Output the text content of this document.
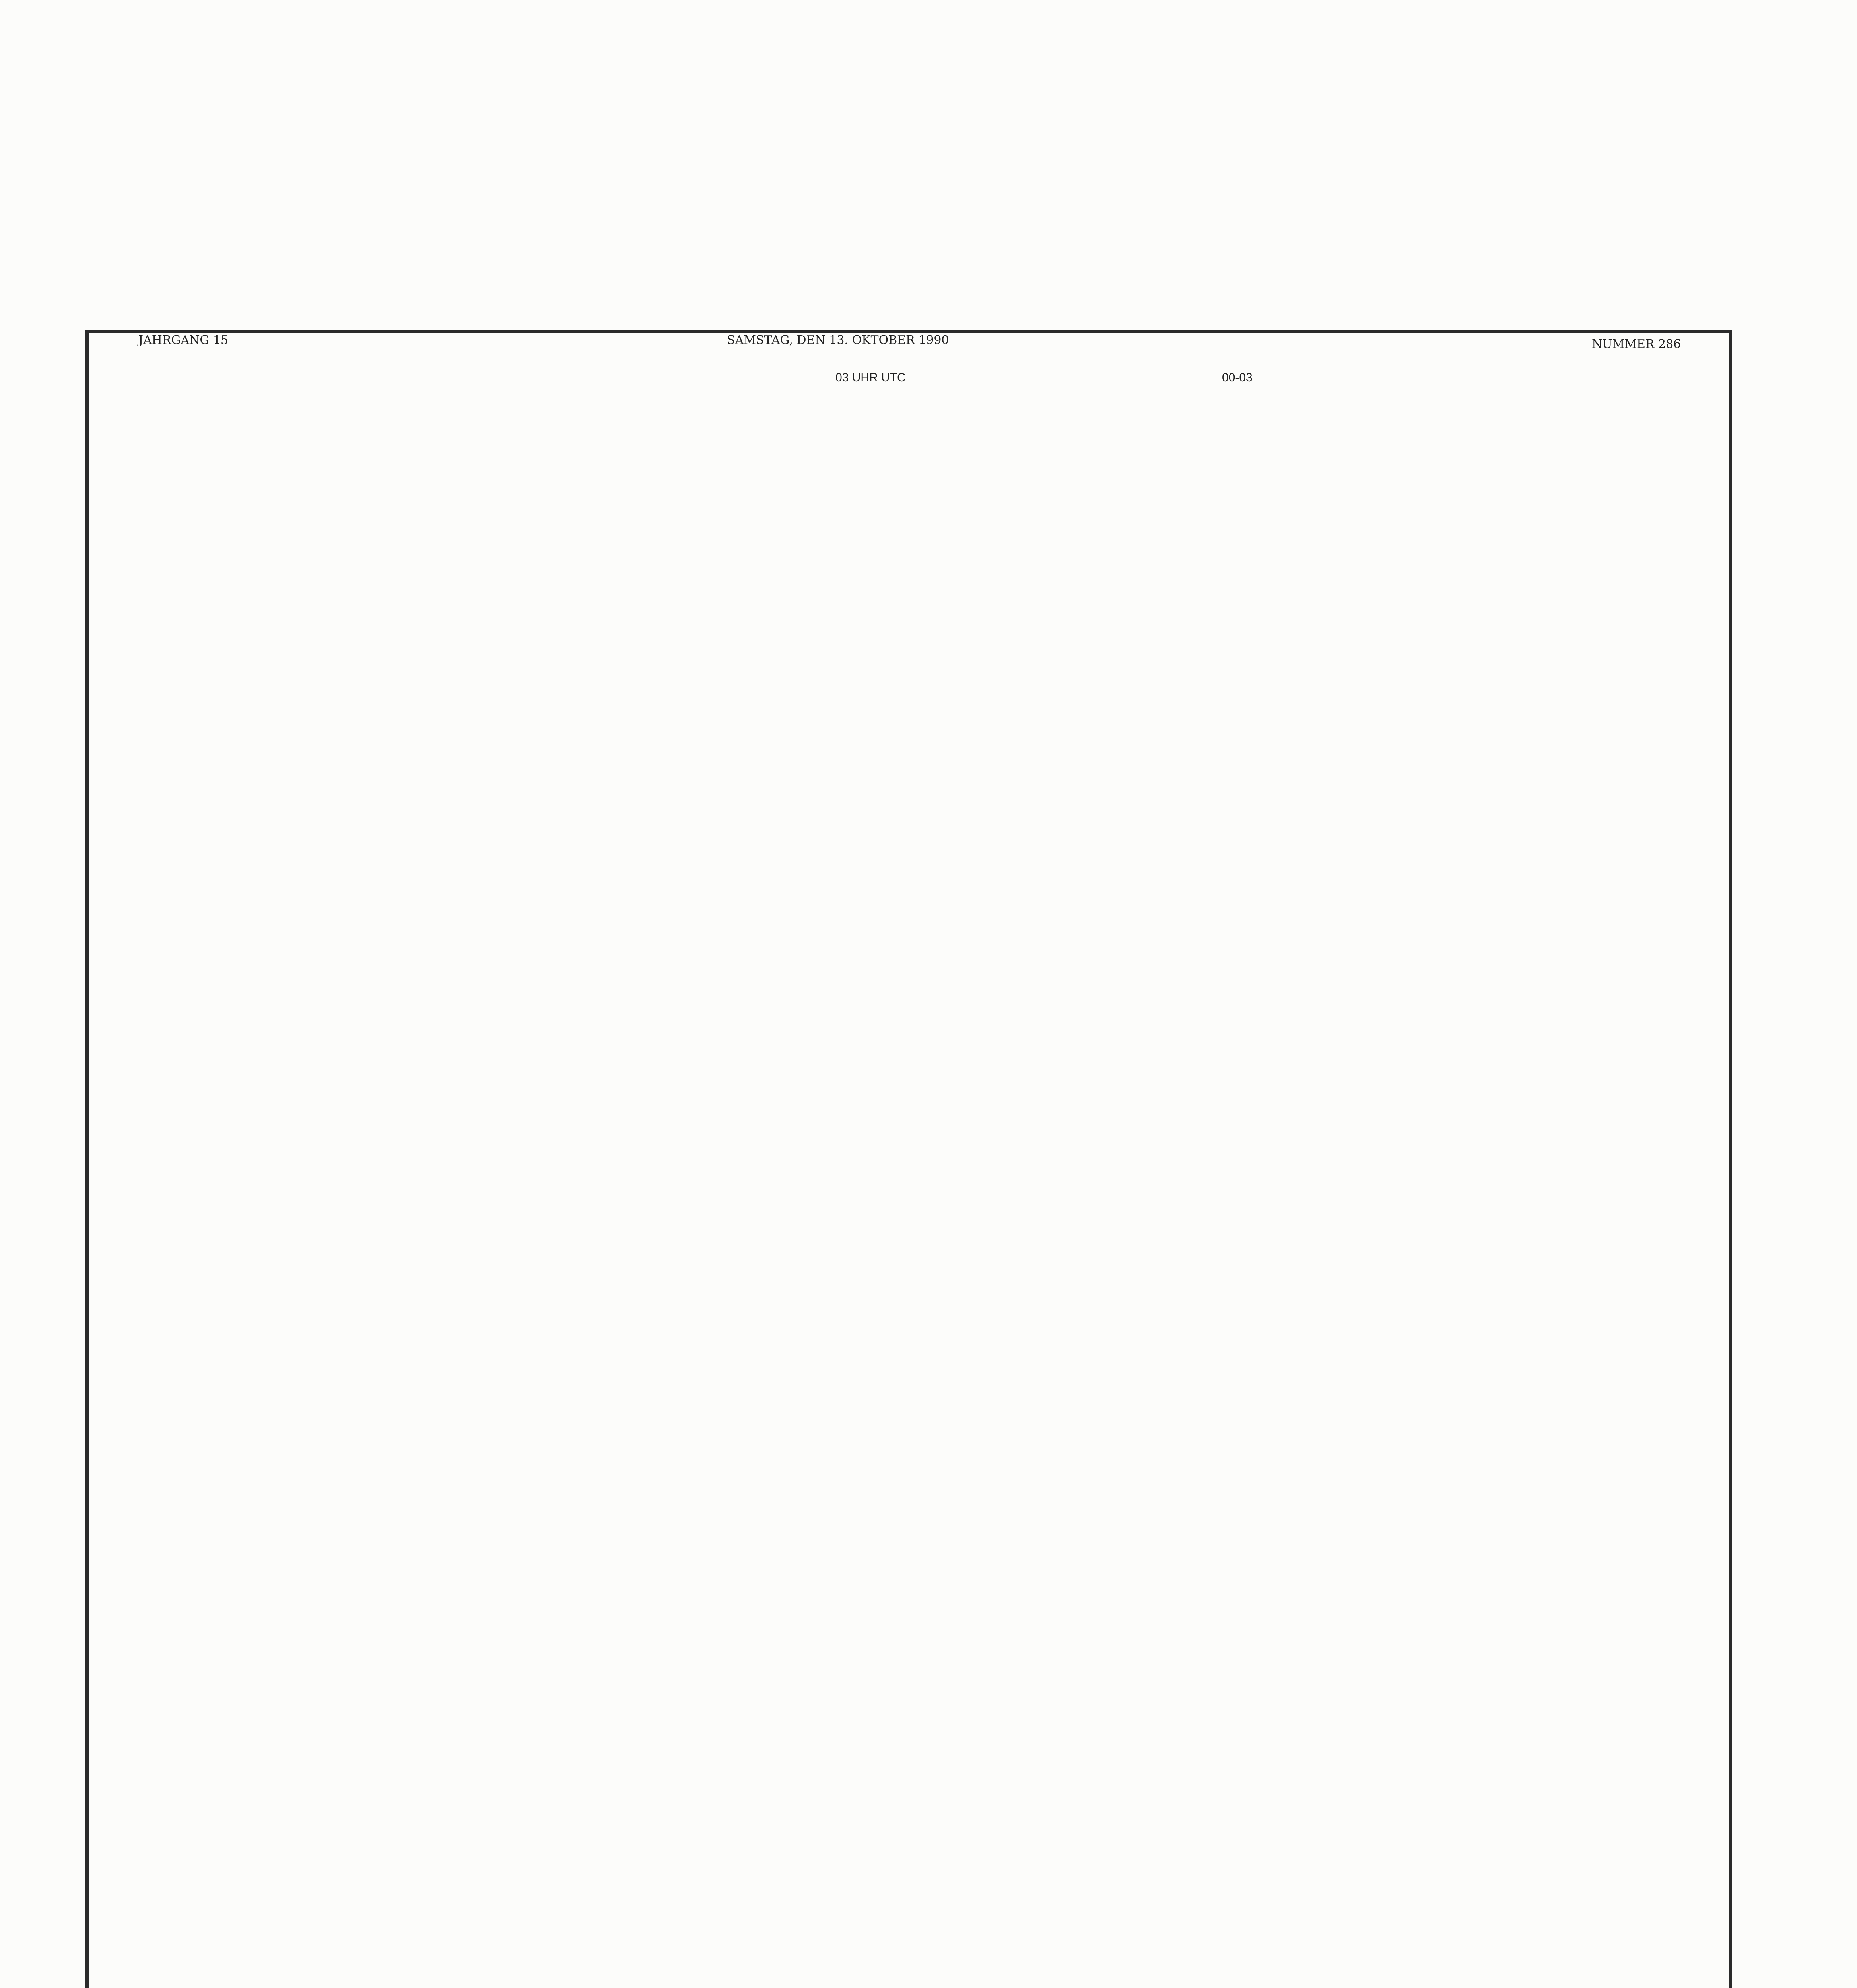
JAHRGANG 15	SAMSTAG, DEN 13. OKTOBER 1990	NUMMER 286
03 UHR UTC	00-03
